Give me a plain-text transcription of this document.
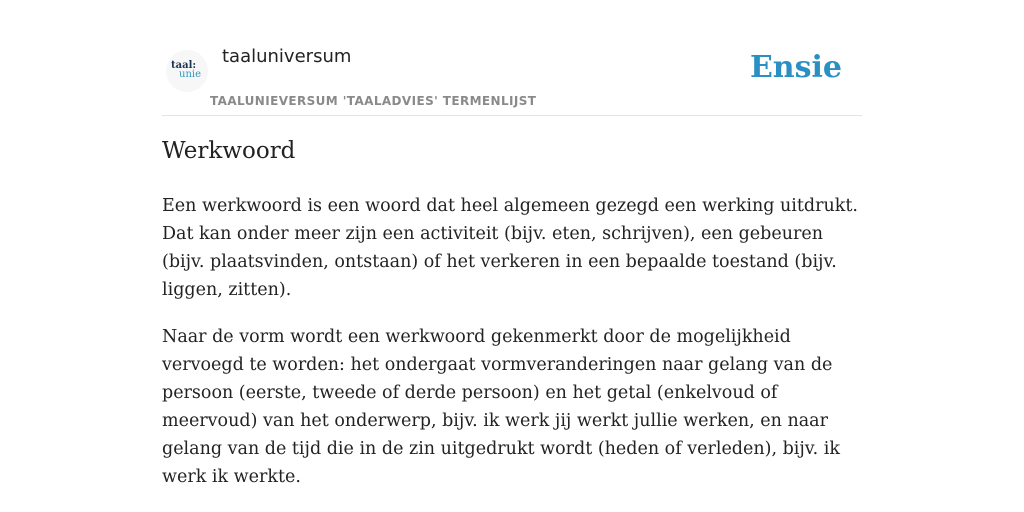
taal:
unie
taaluniversum
TAALUNIEVERSUM 'TAALADVIES' TERMENLIJST
Ensie
Werkwoord

Een werkwoord is een woord dat heel algemeen gezegd een werking uitdrukt. Dat kan onder meer zijn een activiteit (bijv. eten, schrijven), een gebeuren (bijv. plaatsvinden, ontstaan) of het verkeren in een bepaalde toestand (bijv. liggen, zitten).

Naar de vorm wordt een werkwoord gekenmerkt door de mogelijkheid vervoegd te worden: het ondergaat vormveranderingen naar gelang van de persoon (eerste, tweede of derde persoon) en het getal (enkelvoud of meervoud) van het onderwerp, bijv. ik werk jij werkt jullie werken, en naar gelang van de tijd die in de zin uitgedrukt wordt (heden of verleden), bijv. ik werk ik werkte.
